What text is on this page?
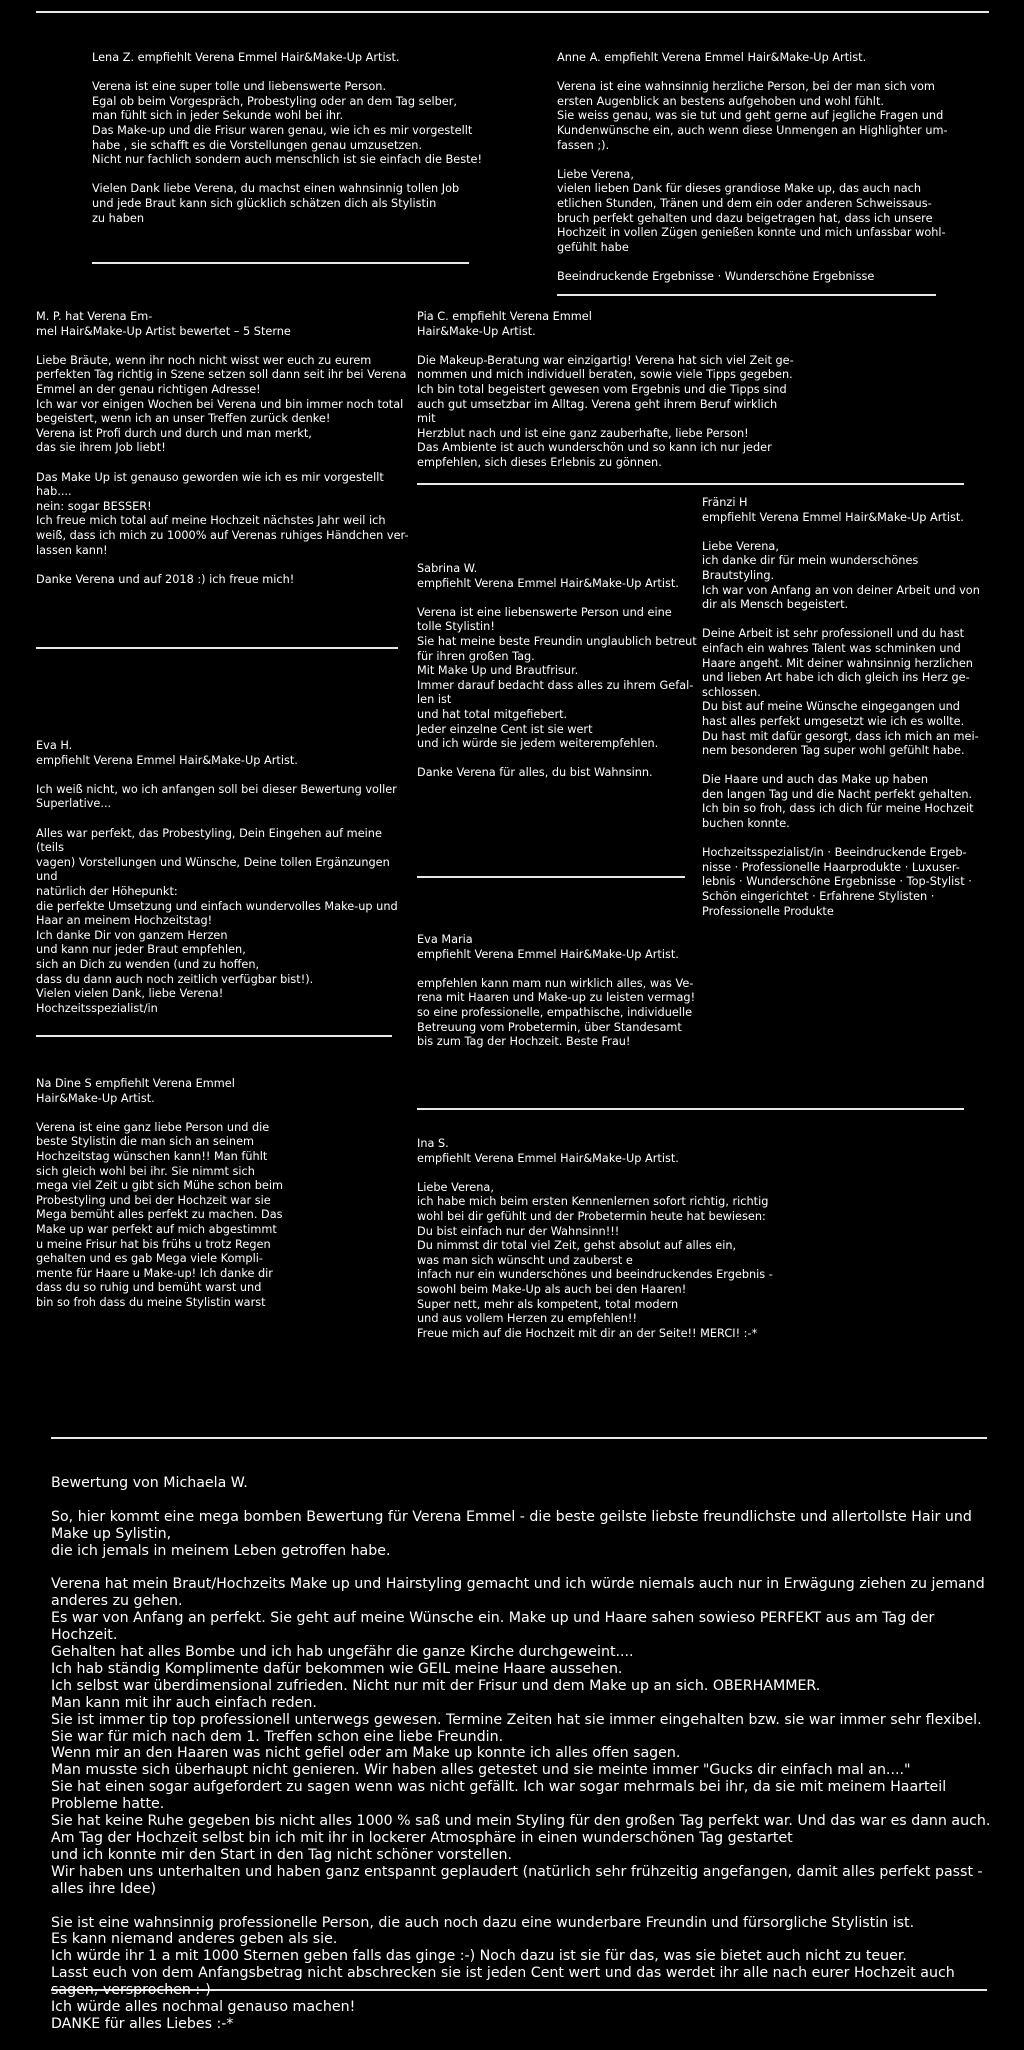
Lena Z. empfiehlt Verena Emmel Hair&Make-Up Artist.
Verena ist eine super tolle und liebenswerte Person.
Egal ob beim Vorgespräch, Probestyling oder an dem Tag selber,
man fühlt sich in jeder Sekunde wohl bei ihr.
Das Make-up und die Frisur waren genau, wie ich es mir vorgestellt
habe , sie schafft es die Vorstellungen genau umzusetzen.
Nicht nur fachlich sondern auch menschlich ist sie einfach die Beste!
Vielen Dank liebe Verena, du machst einen wahnsinnig tollen Job
und jede Braut kann sich glücklich schätzen dich als Stylistin
zu haben
Anne A. empfiehlt Verena Emmel Hair&Make-Up Artist.
Verena ist eine wahnsinnig herzliche Person, bei der man sich vom
ersten Augenblick an bestens aufgehoben und wohl fühlt.
Sie weiss genau, was sie tut und geht gerne auf jegliche Fragen und
Kundenwünsche ein, auch wenn diese Unmengen an Highlighter um-
fassen ;).
Liebe Verena,
vielen lieben Dank für dieses grandiose Make up, das auch nach
etlichen Stunden, Tränen und dem ein oder anderen Schweissaus-
bruch perfekt gehalten und dazu beigetragen hat, dass ich unsere
Hochzeit in vollen Zügen genießen konnte und mich unfassbar wohl-
gefühlt habe
Beeindruckende Ergebnisse · Wunderschöne Ergebnisse
M. P. hat Verena Em-
mel Hair&Make-Up Artist bewertet – 5 Sterne
Liebe Bräute, wenn ihr noch nicht wisst wer euch zu eurem
perfekten Tag richtig in Szene setzen soll dann seit ihr bei Verena
Emmel an der genau richtigen Adresse!
Ich war vor einigen Wochen bei Verena und bin immer noch total
begeistert, wenn ich an unser Treffen zurück denke!
Verena ist Profi durch und durch und man merkt,
das sie ihrem Job liebt!
Das Make Up ist genauso geworden wie ich es mir vorgestellt hab....
nein: sogar BESSER!
Ich freue mich total auf meine Hochzeit nächstes Jahr weil ich
weiß, dass ich mich zu 1000% auf Verenas ruhiges Händchen ver-
lassen kann!
Danke Verena und auf 2018 :) ich freue mich!
Pia C. empfiehlt Verena Emmel
Hair&Make-Up Artist.
Die Makeup-Beratung war einzigartig! Verena hat sich viel Zeit ge-
nommen und mich individuell beraten, sowie viele Tipps gegeben.
Ich bin total begeistert gewesen vom Ergebnis und die Tipps sind
auch gut umsetzbar im Alltag. Verena geht ihrem Beruf wirklich mit
Herzblut nach und ist eine ganz zauberhafte, liebe Person!
Das Ambiente ist auch wunderschön und so kann ich nur jeder
empfehlen, sich dieses Erlebnis zu gönnen.
Fränzi H
empfiehlt Verena Emmel Hair&Make-Up Artist.
Liebe Verena,
ich danke dir für mein wunderschönes
Brautstyling.
Ich war von Anfang an von deiner Arbeit und von
dir als Mensch begeistert.
Deine Arbeit ist sehr professionell und du hast
einfach ein wahres Talent was schminken und
Haare angeht. Mit deiner wahnsinnig herzlichen
und lieben Art habe ich dich gleich ins Herz ge-
schlossen.
Du bist auf meine Wünsche eingegangen und
hast alles perfekt umgesetzt wie ich es wollte.
Du hast mit dafür gesorgt, dass ich mich an mei-
nem besonderen Tag super wohl gefühlt habe.
Die Haare und auch das Make up haben
den langen Tag und die Nacht perfekt gehalten.
Ich bin so froh, dass ich dich für meine Hochzeit
buchen konnte.
Hochzeitsspezialist/in · Beeindruckende Ergeb-
nisse · Professionelle Haarprodukte · Luxuser-
lebnis · Wunderschöne Ergebnisse · Top-Stylist ·
Schön eingerichtet · Erfahrene Stylisten ·
Professionelle Produkte
Sabrina W.
empfiehlt Verena Emmel Hair&Make-Up Artist.
Verena ist eine liebenswerte Person und eine
tolle Stylistin!
Sie hat meine beste Freundin unglaublich betreut
für ihren großen Tag.
Mit Make Up und Brautfrisur.
Immer darauf bedacht dass alles zu ihrem Gefal-
len ist
und hat total mitgefiebert.
Jeder einzelne Cent ist sie wert
und ich würde sie jedem weiterempfehlen.
Danke Verena für alles, du bist Wahnsinn.
Eva H.
empfiehlt Verena Emmel Hair&Make-Up Artist.
Ich weiß nicht, wo ich anfangen soll bei dieser Bewertung voller
Superlative...
Alles war perfekt, das Probestyling, Dein Eingehen auf meine (teils
vagen) Vorstellungen und Wünsche, Deine tollen Ergänzungen und
natürlich der Höhepunkt:
die perfekte Umsetzung und einfach wundervolles Make-up und
Haar an meinem Hochzeitstag!
Ich danke Dir von ganzem Herzen
und kann nur jeder Braut empfehlen,
sich an Dich zu wenden (und zu hoffen,
dass du dann auch noch zeitlich verfügbar bist!).
Vielen vielen Dank, liebe Verena!
Hochzeitsspezialist/in
Eva Maria
empfiehlt Verena Emmel Hair&Make-Up Artist.
empfehlen kann mam nun wirklich alles, was Ve-
rena mit Haaren und Make-up zu leisten vermag!
so eine professionelle, empathische, individuelle
Betreuung vom Probetermin, über Standesamt
bis zum Tag der Hochzeit. Beste Frau!
Na Dine S empfiehlt Verena Emmel
Hair&Make-Up Artist.
Verena ist eine ganz liebe Person und die
beste Stylistin die man sich an seinem
Hochzeitstag wünschen kann!! Man fühlt
sich gleich wohl bei ihr. Sie nimmt sich
mega viel Zeit u gibt sich Mühe schon beim
Probestyling und bei der Hochzeit war sie
Mega bemüht alles perfekt zu machen. Das
Make up war perfekt auf mich abgestimmt
u meine Frisur hat bis frühs u trotz Regen
gehalten und es gab Mega viele Kompli-
mente für Haare u Make-up! Ich danke dir
dass du so ruhig und bemüht warst und
bin so froh dass du meine Stylistin warst
Ina S.
empfiehlt Verena Emmel Hair&Make-Up Artist.
Liebe Verena,
ich habe mich beim ersten Kennenlernen sofort richtig, richtig
wohl bei dir gefühlt und der Probetermin heute hat bewiesen:
Du bist einfach nur der Wahnsinn!!!
Du nimmst dir total viel Zeit, gehst absolut auf alles ein,
was man sich wünscht und zauberst e
infach nur ein wunderschönes und beeindruckendes Ergebnis -
sowohl beim Make-Up als auch bei den Haaren!
Super nett, mehr als kompetent, total modern
und aus vollem Herzen zu empfehlen!!
Freue mich auf die Hochzeit mit dir an der Seite!! MERCI! :-*
Bewertung von Michaela W.
So, hier kommt eine mega bomben Bewertung für Verena Emmel - die beste geilste liebste freundlichste und allertollste Hair und Make up Sylistin,
die ich jemals in meinem Leben getroffen habe.
Verena hat mein Braut/Hochzeits Make up und Hairstyling gemacht und ich würde niemals auch nur in Erwägung ziehen zu jemand anderes zu gehen.
Es war von Anfang an perfekt. Sie geht auf meine Wünsche ein. Make up und Haare sahen sowieso PERFEKT aus am Tag der Hochzeit.
Gehalten hat alles Bombe und ich hab ungefähr die ganze Kirche durchgeweint....
Ich hab ständig Komplimente dafür bekommen wie GEIL meine Haare aussehen.
Ich selbst war überdimensional zufrieden. Nicht nur mit der Frisur und dem Make up an sich. OBERHAMMER.
Man kann mit ihr auch einfach reden.
Sie ist immer tip top professionell unterwegs gewesen. Termine Zeiten hat sie immer eingehalten bzw. sie war immer sehr flexibel.
Sie war für mich nach dem 1. Treffen schon eine liebe Freundin.
Wenn mir an den Haaren was nicht gefiel oder am Make up konnte ich alles offen sagen.
Man musste sich überhaupt nicht genieren. Wir haben alles getestet und sie meinte immer "Gucks dir einfach mal an...."
Sie hat einen sogar aufgefordert zu sagen wenn was nicht gefällt. Ich war sogar mehrmals bei ihr, da sie mit meinem Haarteil Probleme hatte.
Sie hat keine Ruhe gegeben bis nicht alles 1000 % saß und mein Styling für den großen Tag perfekt war. Und das war es dann auch.
Am Tag der Hochzeit selbst bin ich mit ihr in lockerer Atmosphäre in einen wunderschönen Tag gestartet
und ich konnte mir den Start in den Tag nicht schöner vorstellen.
Wir haben uns unterhalten und haben ganz entspannt geplaudert (natürlich sehr frühzeitig angefangen, damit alles perfekt passt - alles ihre Idee)
Sie ist eine wahnsinnig professionelle Person, die auch noch dazu eine wunderbare Freundin und fürsorgliche Stylistin ist.
Es kann niemand anderes geben als sie.
Ich würde ihr 1 a mit 1000 Sternen geben falls das ginge :-) Noch dazu ist sie für das, was sie bietet auch nicht zu teuer.
Lasst euch von dem Anfangsbetrag nicht abschrecken sie ist jeden Cent wert und das werdet ihr alle nach eurer Hochzeit auch sagen, versprochen :-)
Ich würde alles nochmal genauso machen!
DANKE für alles Liebes :-*
